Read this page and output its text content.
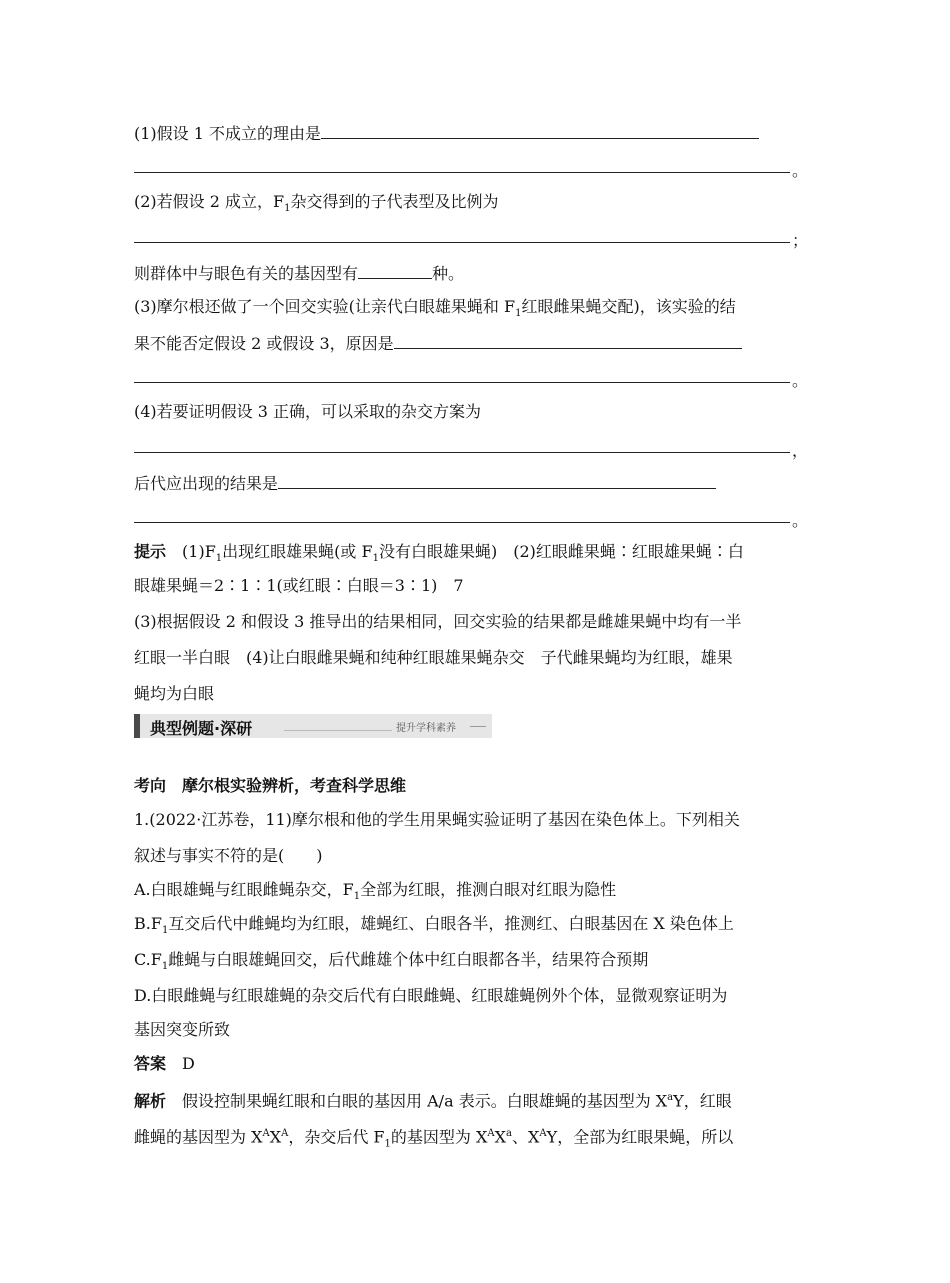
(1)假设 1 不成立的理由是
。
(2)若假设 2 成立，$F_1$杂交得到的子代表型及比例为
；
则群体中与眼色有关的基因型有	种。
(3)摩尔根还做了一个回交实验(让亲代白眼雄果蝇和 $F_1$红眼雌果蝇交配)，该实验的结
果不能否定假设 2 或假设 3，原因是
。
(4)若要证明假设 3 正确，可以采取的杂交方案为
，
后代应出现的结果是
。
提示　 $(1)F_1$出现红眼雄果蝇(或 $F_1$没有白眼雄果蝇)　(2)红眼雌果蝇∶红眼雄果蝇∶白
眼雄果蝇＝2∶1∶1(或红眼∶白眼＝3∶1)　7
(3)根据假设 2 和假设 3 推导出的结果相同，回交实验的结果都是雌雄果蝇中均有一半
红眼一半白眼　(4)让白眼雌果蝇和纯种红眼雄果蝇杂交　子代雌果蝇均为红眼，雄果
蝇均为白眼
典型例题·深研	提升学科素养
考向　 摩尔根实验辨析，考查科学思维
1.(2022·江苏卷，11)摩尔根和他的学生用果蝇实验证明了基因在染色体上。下列相关
叙述与事实不符的是(　　)
A.白眼雄蝇与红眼雌蝇杂交，$F_1$全部为红眼，推测白眼对红眼为隐性
$B.F_1$互交后代中雌蝇均为红眼，雄蝇红、白眼各半，推测红、白眼基因在 X 染色体上
$C.F_1$雌蝇与白眼雄蝇回交，后代雌雄个体中红白眼都各半，结果符合预期
D.白眼雌蝇与红眼雄蝇的杂交后代有白眼雌蝇、红眼雄蝇例外个体，显微观察证明为
基因突变所致
答案　 D
解析　 假设控制果蝇红眼和白眼的基因用 A/a 表示。白眼雄蝇的基因型为 $X^aY$，红眼
雌蝇的基因型为 $X^AX^A$，杂交后代 $F_1$的基因型为 $X^AX^a$、$X^AY$，全部为红眼果蝇，所以
